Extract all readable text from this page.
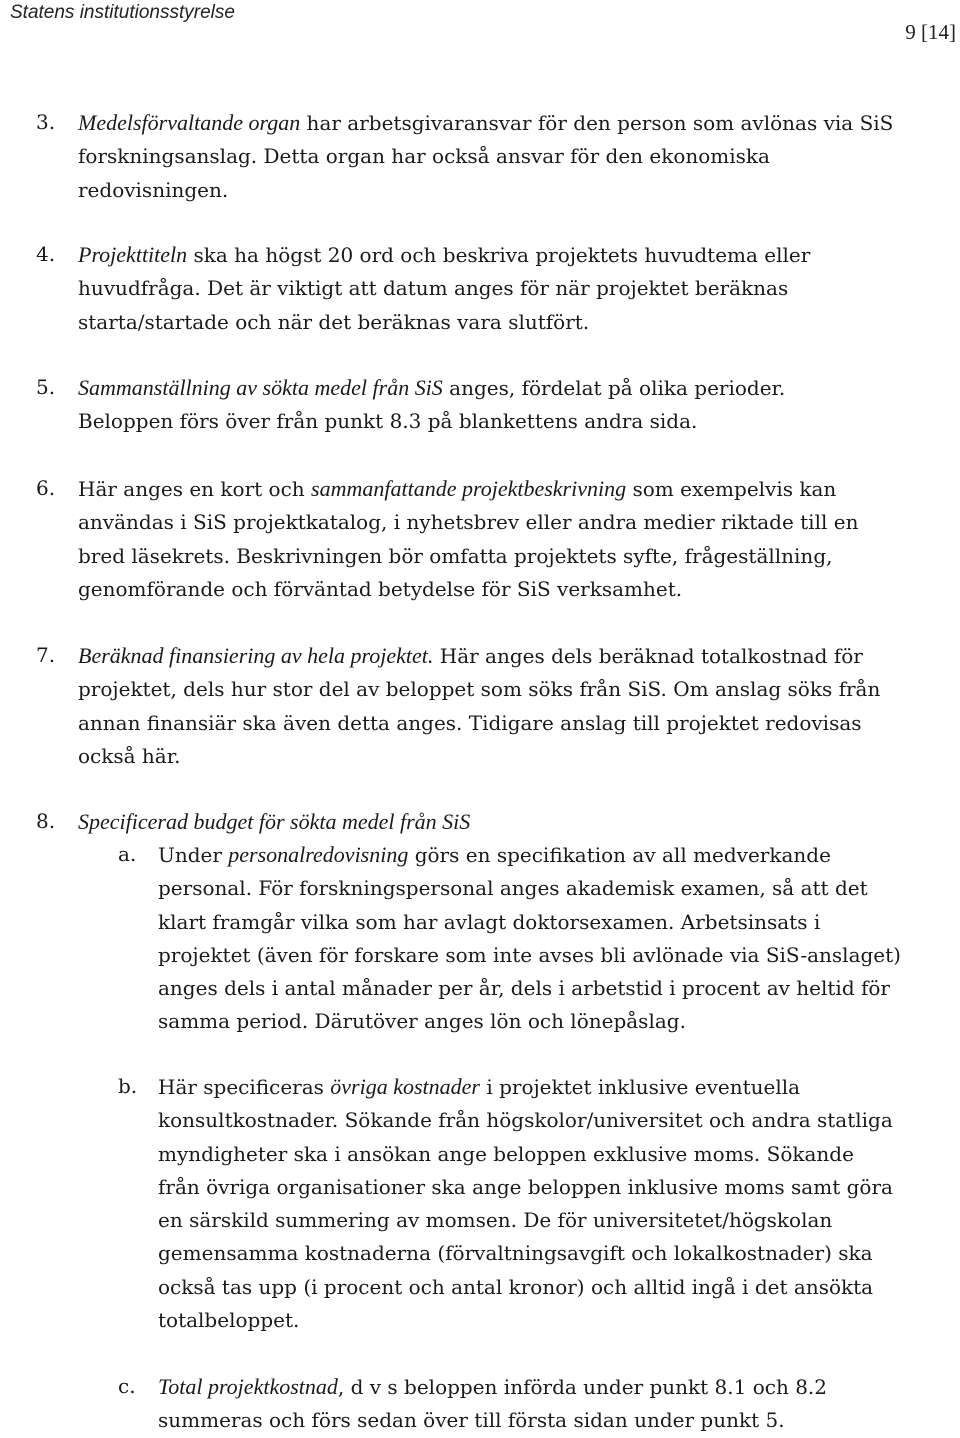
Statens institutionsstyrelse
9 [14]
3.	Medelsförvaltande organ har arbetsgivaransvar för den person som avlönas via SiS
forskningsanslag. Detta organ har också ansvar för den ekonomiska
redovisningen.
4.	Projekttiteln ska ha högst 20 ord och beskriva projektets huvudtema eller
huvudfråga. Det är viktigt att datum anges för när projektet beräknas
starta/startade och när det beräknas vara slutfört.
5.	Sammanställning av sökta medel från SiS anges, fördelat på olika perioder.
Beloppen förs över från punkt 8.3 på blankettens andra sida.
6.	Här anges en kort och sammanfattande projektbeskrivning som exempelvis kan
användas i SiS projektkatalog, i nyhetsbrev eller andra medier riktade till en
bred läsekrets. Beskrivningen bör omfatta projektets syfte, frågeställning,
genomförande och förväntad betydelse för SiS verksamhet.
7.	Beräknad finansiering av hela projektet. Här anges dels beräknad totalkostnad för
projektet, dels hur stor del av beloppet som söks från SiS. Om anslag söks från
annan finansiär ska även detta anges. Tidigare anslag till projektet redovisas
också här.
8.	Specificerad budget för sökta medel från SiS
a.	Under personalredovisning görs en specifikation av all medverkande
personal. För forskningspersonal anges akademisk examen, så att det
klart framgår vilka som har avlagt doktorsexamen. Arbetsinsats i
projektet (även för forskare som inte avses bli avlönade via SiS-anslaget)
anges dels i antal månader per år, dels i arbetstid i procent av heltid för
samma period. Därutöver anges lön och lönepåslag.
b.	Här specificeras övriga kostnader i projektet inklusive eventuella
konsultkostnader. Sökande från högskolor/universitet och andra statliga
myndigheter ska i ansökan ange beloppen exklusive moms. Sökande
från övriga organisationer ska ange beloppen inklusive moms samt göra
en särskild summering av momsen. De för universitetet/högskolan
gemensamma kostnaderna (förvaltningsavgift och lokalkostnader) ska
också tas upp (i procent och antal kronor) och alltid ingå i det ansökta
totalbeloppet.
c.	Total projektkostnad, d v s beloppen införda under punkt 8.1 och 8.2
summeras och förs sedan över till första sidan under punkt 5.
